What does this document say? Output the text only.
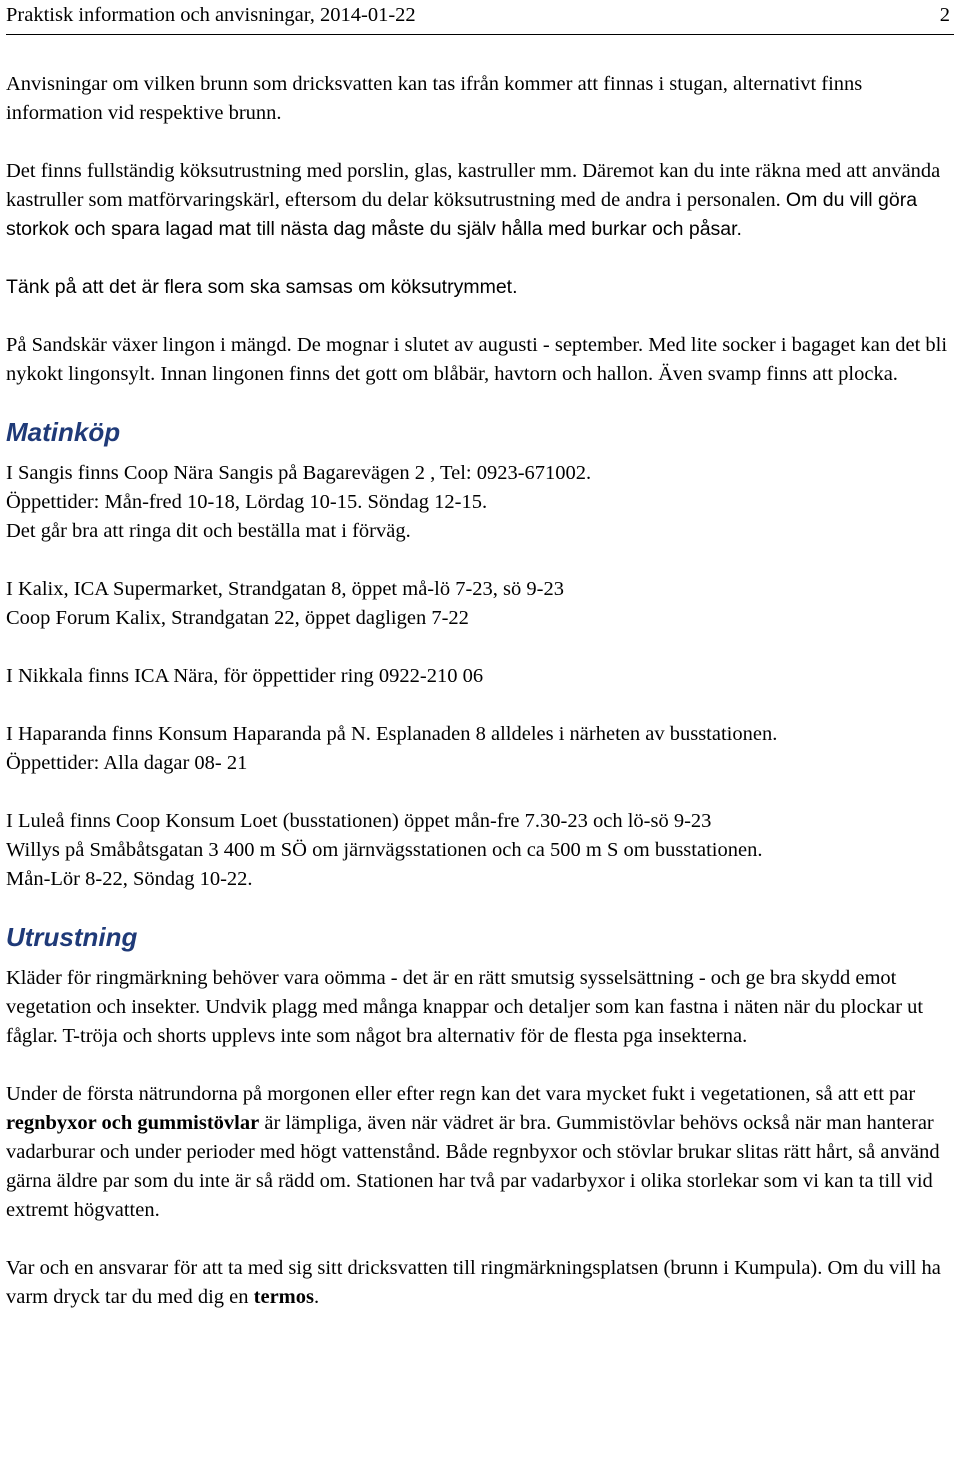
Praktisk information och anvisningar, 2014-01-22	2

Anvisningar om vilken brunn som dricksvatten kan tas ifrån kommer att finnas i stugan, alternativt finns information vid respektive brunn.

Det finns fullständig köksutrustning med porslin, glas, kastruller mm. Däremot kan du inte räkna med att använda kastruller som matförvaringskärl, eftersom du delar köksutrustning med de andra i personalen. Om du vill göra storkok och spara lagad mat till nästa dag måste du själv hålla med burkar och påsar.

Tänk på att det är flera som ska samsas om köksutrymmet.

På Sandskär växer lingon i mängd. De mognar i slutet av augusti - september. Med lite socker i bagaget kan det bli nykokt lingonsylt. Innan lingonen finns det gott om blåbär, havtorn och hallon. Även svamp finns att plocka.

Matinköp

I Sangis finns Coop Nära Sangis på Bagarevägen 2 , Tel: 0923-671002.

Öppettider: Mån-fred 10-18, Lördag 10-15. Söndag 12-15.

Det går bra att ringa dit och beställa mat i förväg.

I Kalix, ICA Supermarket, Strandgatan 8, öppet må-lö 7-23, sö 9-23

Coop Forum Kalix, Strandgatan 22, öppet dagligen 7-22

I Nikkala finns ICA Nära, för öppettider ring 0922-210 06

I Haparanda finns Konsum Haparanda på N. Esplanaden 8 alldeles i närheten av busstationen.

Öppettider: Alla dagar 08- 21

I Luleå finns Coop Konsum Loet (busstationen) öppet mån-fre 7.30-23 och lö-sö 9-23

Willys på Småbåtsgatan 3 400 m SÖ om järnvägsstationen och ca 500 m S om busstationen.

Mån-Lör 8-22, Söndag 10-22.

Utrustning

Kläder för ringmärkning behöver vara oömma - det är en rätt smutsig sysselsättning - och ge bra skydd emot vegetation och insekter. Undvik plagg med många knappar och detaljer som kan fastna i näten när du plockar ut fåglar. T-tröja och shorts upplevs inte som något bra alternativ för de flesta pga insekterna.

Under de första nätrundorna på morgonen eller efter regn kan det vara mycket fukt i vegetationen, så att ett par regnbyxor och gummistövlar är lämpliga, även när vädret är bra. Gummistövlar behövs också när man hanterar vadarburar och under perioder med högt vattenstånd. Både regnbyxor och stövlar brukar slitas rätt hårt, så använd gärna äldre par som du inte är så rädd om. Stationen har två par vadarbyxor i olika storlekar som vi kan ta till vid extremt högvatten.

Var och en ansvarar för att ta med sig sitt dricksvatten till ringmärkningsplatsen (brunn i Kumpula). Om du vill ha varm dryck tar du med dig en termos.
